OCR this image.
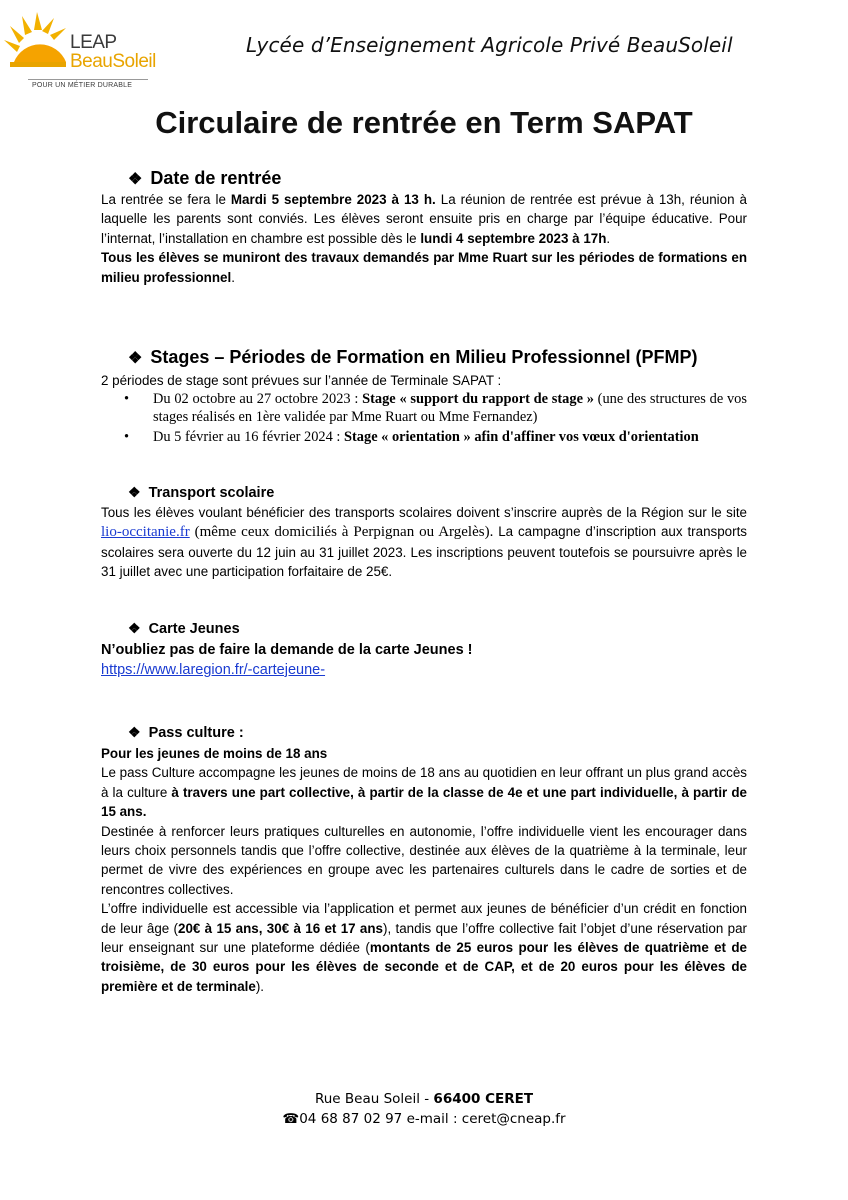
LEAP
BeauSoleil
POUR UN MÉTIER DURABLE
Lycée d’Enseignement Agricole Privé BeauSoleil
Circulaire de rentrée en Term SAPAT
❖ Date de rentrée

La rentrée se fera le Mardi 5 septembre 2023 à 13 h. La réunion de rentrée est prévue à 13h, réunion à laquelle les parents sont conviés. Les élèves seront ensuite pris en charge par l’équipe éducative. Pour l’internat, l’installation en chambre est possible dès le lundi 4 septembre 2023 à 17h.

Tous les élèves se muniront des travaux demandés par Mme Ruart sur les périodes de formations en milieu professionnel.

❖ Stages – Périodes de Formation en Milieu Professionnel (PFMP)
2 périodes de stage sont prévues sur l’année de Terminale SAPAT :
• Du 02 octobre au 27 octobre 2023 : Stage « support du rapport de stage » (une des structures de vos stages réalisés en 1ère validée par Mme Ruart ou Mme Fernandez)
• Du 5 février au 16 février 2024 : Stage « orientation » afin d'affiner vos vœux d'orientation
❖ Transport scolaire

Tous les élèves voulant bénéficier des transports scolaires doivent s’inscrire auprès de la Région sur le site lio-occitanie.fr (même ceux domiciliés à Perpignan ou Argelès). La campagne d’inscription aux transports scolaires sera ouverte du 12 juin au 31 juillet 2023. Les inscriptions peuvent toutefois se poursuivre après le 31 juillet avec une participation forfaitaire de 25€.

❖ Carte Jeunes

N’oubliez pas de faire la demande de la carte Jeunes !

https://www.laregion.fr/-cartejeune-

❖ Pass culture :

Pour les jeunes de moins de 18 ans

Le pass Culture accompagne les jeunes de moins de 18 ans au quotidien en leur offrant un plus grand accès à la culture à travers une part collective, à partir de la classe de 4e et une part individuelle, à partir de 15 ans.

Destinée à renforcer leurs pratiques culturelles en autonomie, l’offre individuelle vient les encourager dans leurs choix personnels tandis que l’offre collective, destinée aux élèves de la quatrième à la terminale, leur permet de vivre des expériences en groupe avec les partenaires culturels dans le cadre de sorties et de rencontres collectives.

L’offre individuelle est accessible via l’application et permet aux jeunes de bénéficier d’un crédit en fonction de leur âge (20€ à 15 ans, 30€ à 16 et 17 ans), tandis que l’offre collective fait l’objet d’une réservation par leur enseignant sur une plateforme dédiée (montants de 25 euros pour les élèves de quatrième et de troisième, de 30 euros pour les élèves de seconde et de CAP, et de 20 euros pour les élèves de première et de terminale).

Rue Beau Soleil - 66400 CERET
☎04 68 87 02 97 e-mail : ceret@cneap.fr
